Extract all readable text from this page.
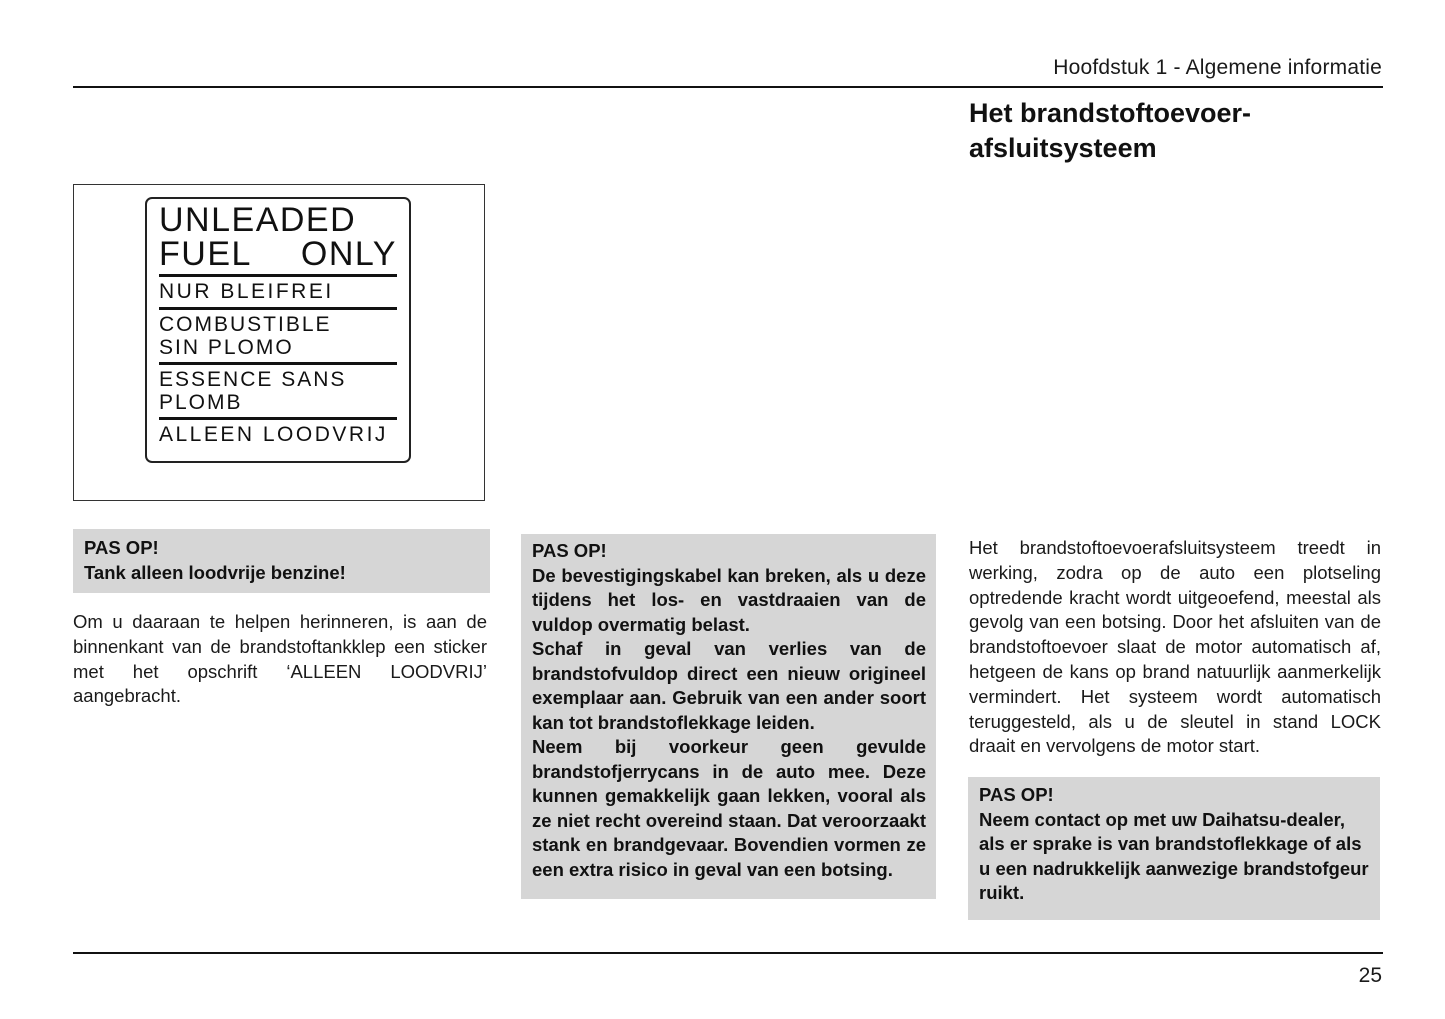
Hoofdstuk 1 - Algemene informatie
Het brandstoftoevoer-afsluitsysteem
UNLEADED
FUEL ONLY
NUR BLEIFREI
COMBUSTIBLE
SIN PLOMO
ESSENCE SANS
PLOMB
ALLEEN LOODVRIJ
PAS OP!

Tank alleen loodvrije benzine!

Om u daaraan te helpen herinneren, is aan de binnenkant van de brandstoftankklep een sticker met het opschrift ‘ALLEEN LOODVRIJ’ aangebracht.
PAS OP!

De bevestigingskabel kan breken, als u deze tijdens het los- en vastdraaien van de vuldop overmatig belast.

Schaf in geval van verlies van de brandstofvuldop direct een nieuw origineel exemplaar aan. Gebruik van een ander soort kan tot brandstoflekkage leiden.

Neem bij voorkeur geen gevulde brandstofjerrycans in de auto mee. Deze kunnen gemakkelijk gaan lekken, vooral als ze niet recht overeind staan. Dat veroorzaakt stank en brandgevaar. Bovendien vormen ze een extra risico in geval van een botsing.

Het brandstoftoevoerafsluitsysteem treedt in werking, zodra op de auto een plotseling optredende kracht wordt uitgeoefend, meestal als gevolg van een botsing. Door het afsluiten van de brandstoftoevoer slaat de motor automatisch af, hetgeen de kans op brand natuurlijk aanmerkelijk vermindert. Het systeem wordt automatisch teruggesteld, als u de sleutel in stand LOCK draait en vervolgens de motor start.
PAS OP!

Neem contact op met uw Daihatsu-dealer, als er sprake is van brandstoflekkage of als u een nadrukkelijk aanwezige brandstofgeur ruikt.

25
